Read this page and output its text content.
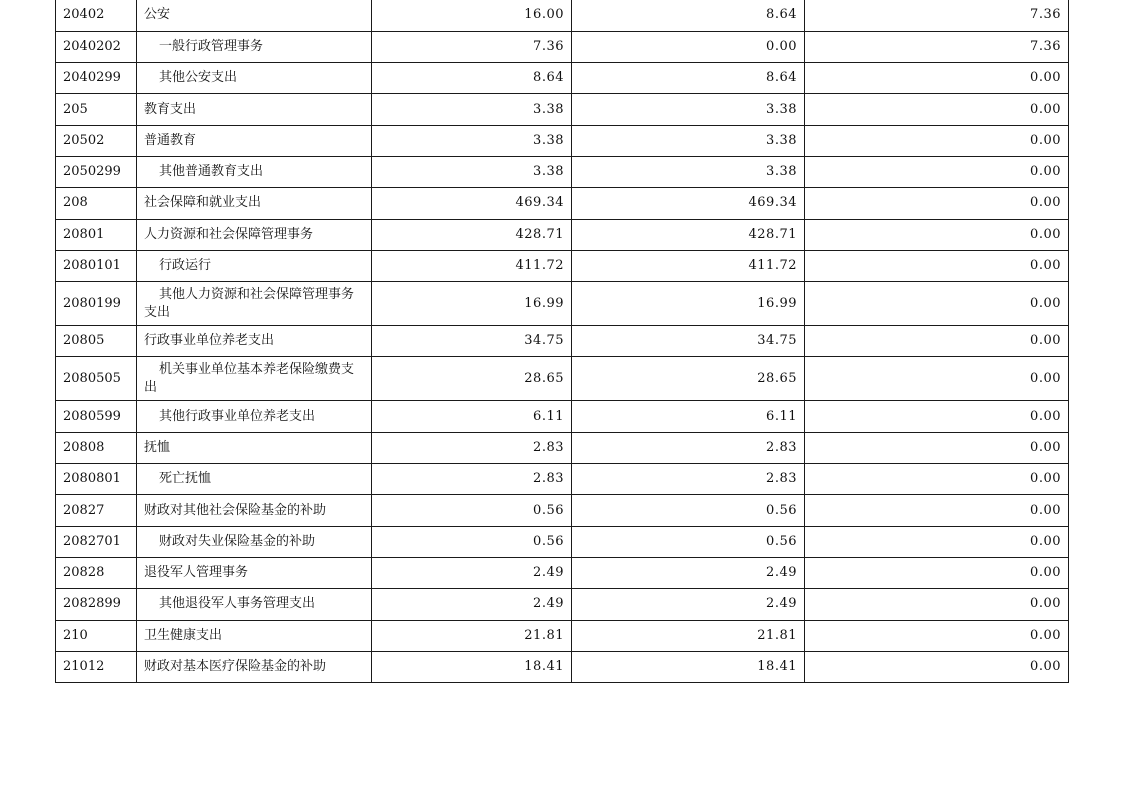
20402	公安	16.00	8.64	7.36
2040202	一般行政管理事务	7.36	0.00	7.36
2040299	其他公安支出	8.64	8.64	0.00
205	教育支出	3.38	3.38	0.00
20502	普通教育	3.38	3.38	0.00
2050299	其他普通教育支出	3.38	3.38	0.00
208	社会保障和就业支出	469.34	469.34	0.00
20801	人力资源和社会保障管理事务	428.71	428.71	0.00
2080101	行政运行	411.72	411.72	0.00
2080199	其他人力资源和社会保障管理事务支出	16.99	16.99	0.00
20805	行政事业单位养老支出	34.75	34.75	0.00
2080505	机关事业单位基本养老保险缴费支出	28.65	28.65	0.00
2080599	其他行政事业单位养老支出	6.11	6.11	0.00
20808	抚恤	2.83	2.83	0.00
2080801	死亡抚恤	2.83	2.83	0.00
20827	财政对其他社会保险基金的补助	0.56	0.56	0.00
2082701	财政对失业保险基金的补助	0.56	0.56	0.00
20828	退役军人管理事务	2.49	2.49	0.00
2082899	其他退役军人事务管理支出	2.49	2.49	0.00
210	卫生健康支出	21.81	21.81	0.00
21012	财政对基本医疗保险基金的补助	18.41	18.41	0.00
